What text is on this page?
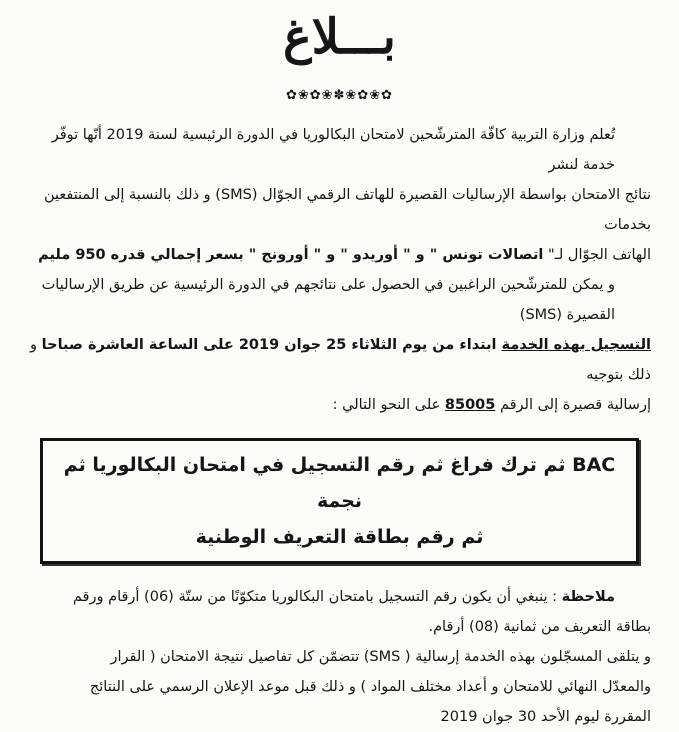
بـــلاغ
✿❀✿❀✽❀✿❀✿
تُعلم وزارة التربية كافّة المترشّحين لامتحان البكالوريا في الدورة الرئيسية لسنة 2019 أنّها توفّر خدمة لنشر
نتائج الامتحان بواسطة الإرساليات القصيرة للهاتف الرقمي الجوّال (SMS) و ذلك بالنسبة إلى المنتفعين بخدمات
الهاتف الجوّال لـ" اتصالات تونس " و " أوريدو " و " أورونج " بسعر إجمالي قدره 950 مليم
و يمكن للمترشّحين الراغبين في الحصول على نتائجهم في الدورة الرئيسية عن طريق الإرساليات القصيرة (SMS)
التسجيل بهذه الخدمة ابتداء من يوم الثلاثاء 25 جوان 2019 على الساعة العاشرة صباحا و ذلك بتوجيه
إرسالية قصيرة إلى الرقم 85005 على النحو التالي :
BAC ثم ترك فراغ ثم رقم التسجيل في امتحان البكالوريا ثم نجمة
ثم رقم بطاقة التعريف الوطنية
ملاحظة : ينبغي أن يكون رقم التسجيل بامتحان البكالوريا متكوّنًا من ستّة (06) أرقام ورقم
بطاقة التعريف من ثمانية (08) أرقام.
و يتلقى المسجّلون بهذه الخدمة إرسالية ( SMS) تتضمّن كل تفاصيل نتيجة الامتحان ( القرار
والمعدّل النهائي للامتحان و أعداد مختلف المواد ) و ذلك قبل موعد الإعلان الرسمي على النتائج
المقررة ليوم الأحد 30 جوان 2019
